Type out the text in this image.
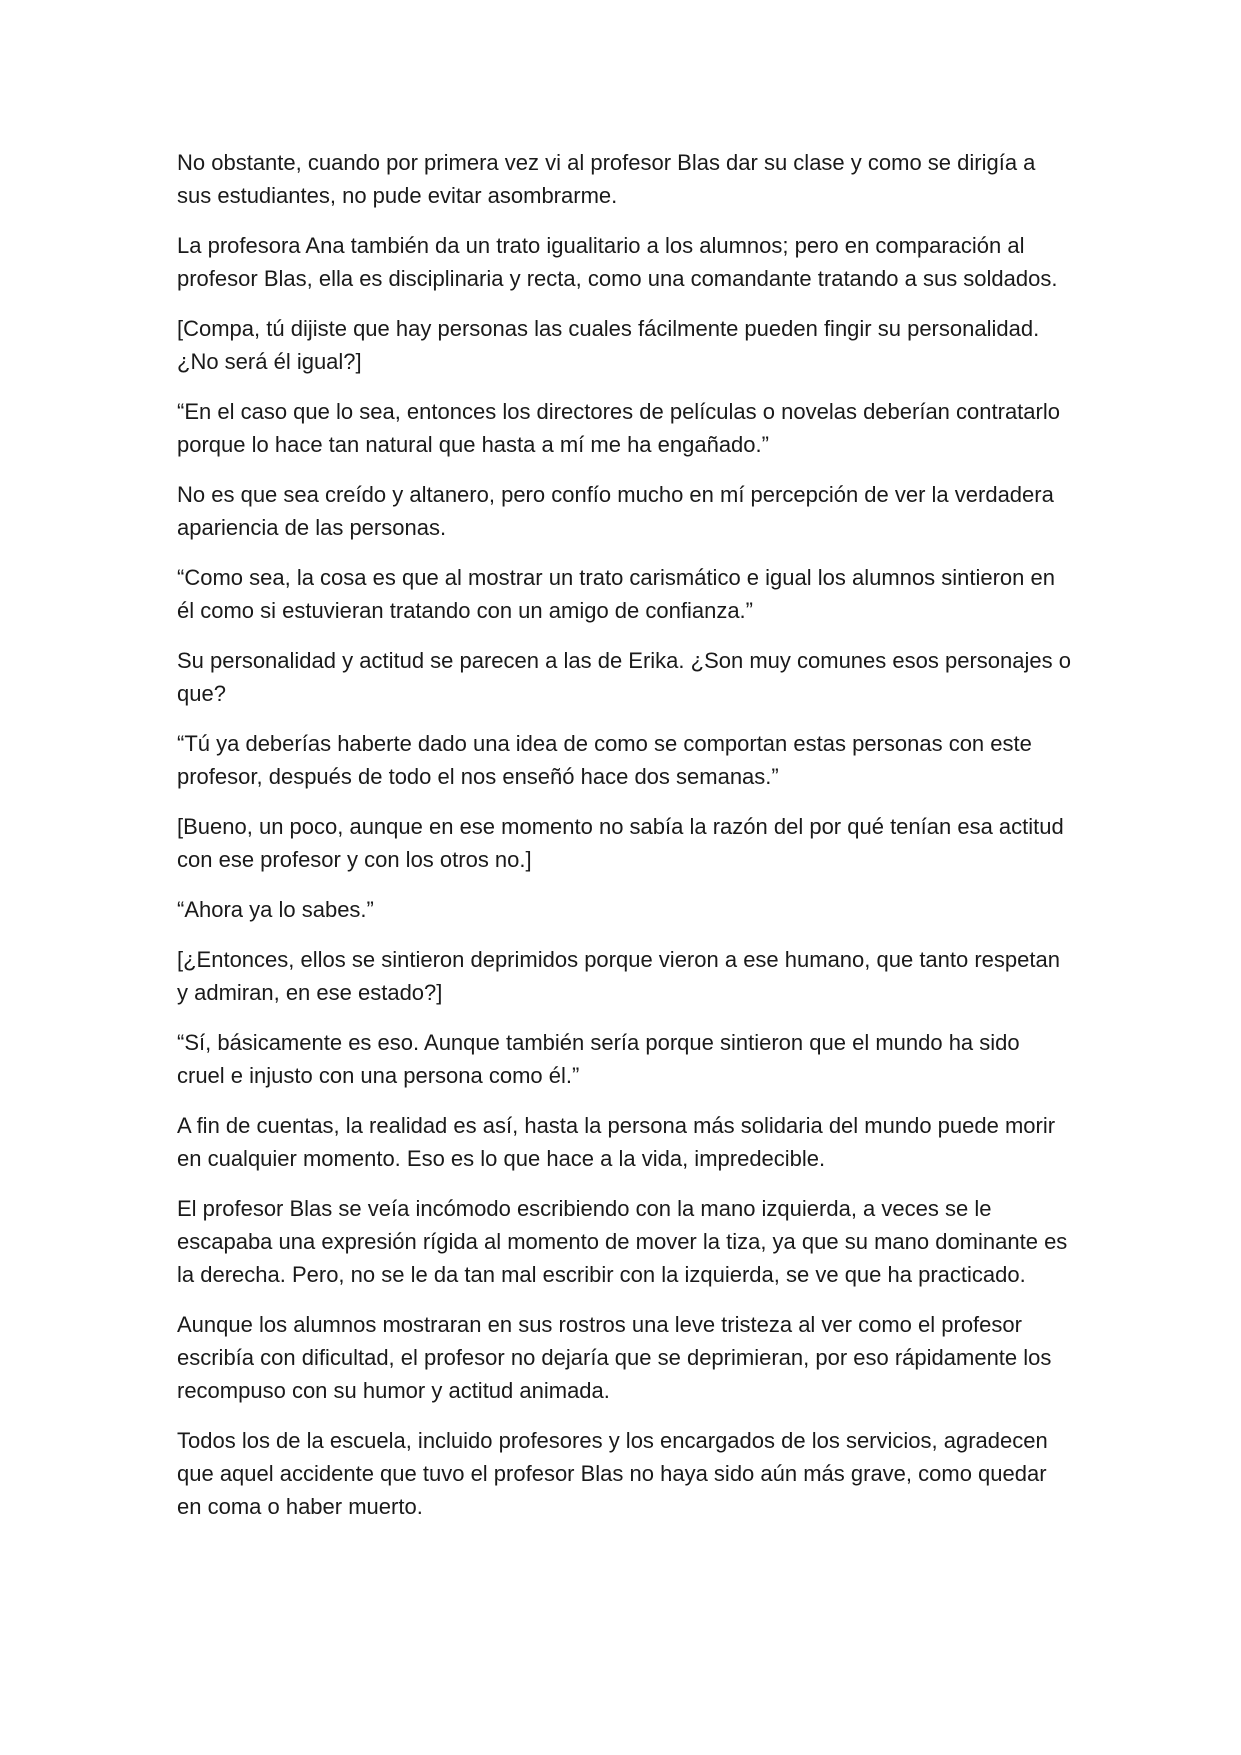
No obstante, cuando por primera vez vi al profesor Blas dar su clase y como se dirigía a sus estudiantes, no pude evitar asombrarme.

La profesora Ana también da un trato igualitario a los alumnos; pero en comparación al profesor Blas, ella es disciplinaria y recta, como una comandante tratando a sus soldados.

[Compa, tú dijiste que hay personas las cuales fácilmente pueden fingir su personalidad. ¿No será él igual?]

“En el caso que lo sea, entonces los directores de películas o novelas deberían contratarlo porque lo hace tan natural que hasta a mí me ha engañado.”

No es que sea creído y altanero, pero confío mucho en mí percepción de ver la verdadera apariencia de las personas.

“Como sea, la cosa es que al mostrar un trato carismático e igual los alumnos sintieron en él como si estuvieran tratando con un amigo de confianza.”

Su personalidad y actitud se parecen a las de Erika. ¿Son muy comunes esos personajes o que?

“Tú ya deberías haberte dado una idea de como se comportan estas personas con este profesor, después de todo el nos enseñó hace dos semanas.”

[Bueno, un poco, aunque en ese momento no sabía la razón del por qué tenían esa actitud con ese profesor y con los otros no.]

“Ahora ya lo sabes.”

[¿Entonces, ellos se sintieron deprimidos porque vieron a ese humano, que tanto respetan y admiran, en ese estado?]

“Sí, básicamente es eso. Aunque también sería porque sintieron que el mundo ha sido cruel e injusto con una persona como él.”

A fin de cuentas, la realidad es así, hasta la persona más solidaria del mundo puede morir en cualquier momento. Eso es lo que hace a la vida, impredecible.

El profesor Blas se veía incómodo escribiendo con la mano izquierda, a veces se le escapaba una expresión rígida al momento de mover la tiza, ya que su mano dominante es la derecha. Pero, no se le da tan mal escribir con la izquierda, se ve que ha practicado.

Aunque los alumnos mostraran en sus rostros una leve tristeza al ver como el profesor escribía con dificultad, el profesor no dejaría que se deprimieran, por eso rápidamente los recompuso con su humor y actitud animada.

Todos los de la escuela, incluido profesores y los encargados de los servicios, agradecen que aquel accidente que tuvo el profesor Blas no haya sido aún más grave, como quedar en coma o haber muerto.
